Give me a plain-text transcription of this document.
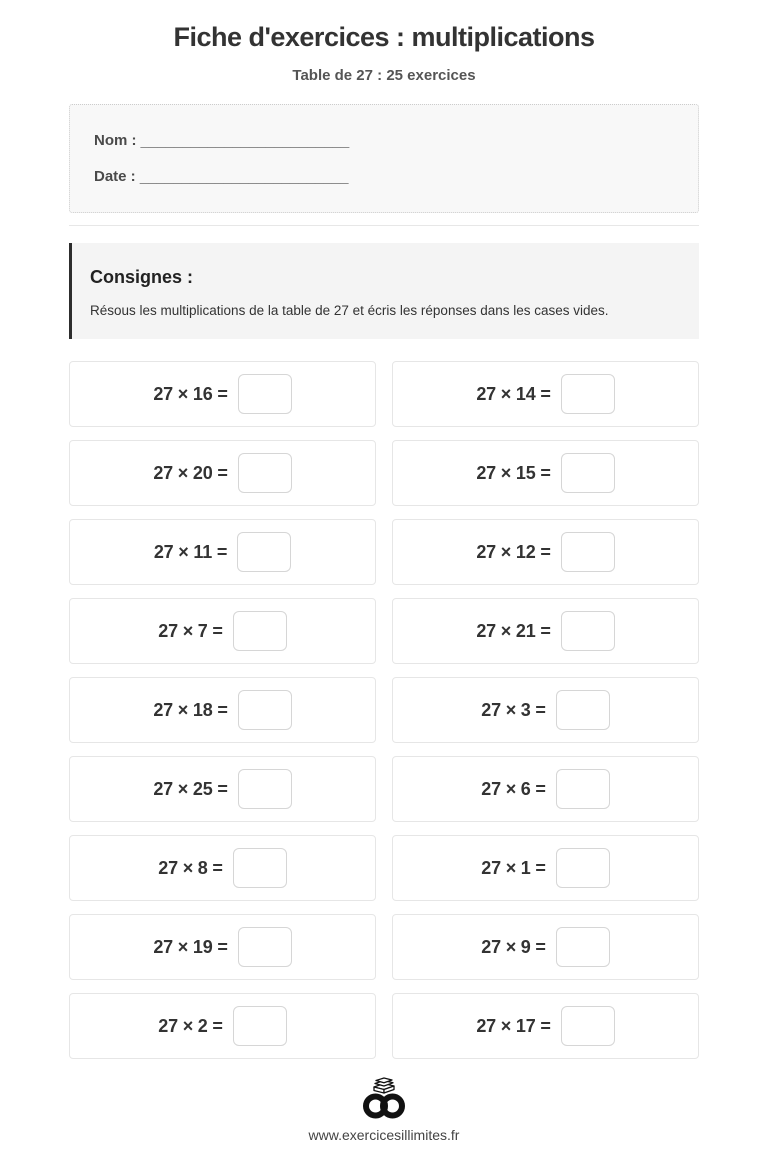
Fiche d'exercices : multiplications
Table de 27 : 25 exercices
Nom : _________________________
Date : _________________________
Consignes :

Résous les multiplications de la table de 27 et écris les réponses dans les cases vides.

27 × 16 =	27 × 14 =
27 × 20 =	27 × 15 =
27 × 11 =	27 × 12 =
27 × 7 =	27 × 21 =
27 × 18 =	27 × 3 =
27 × 25 =	27 × 6 =
27 × 8 =	27 × 1 =
27 × 19 =	27 × 9 =
27 × 2 =	27 × 17 =

www.exercicesillimites.fr
